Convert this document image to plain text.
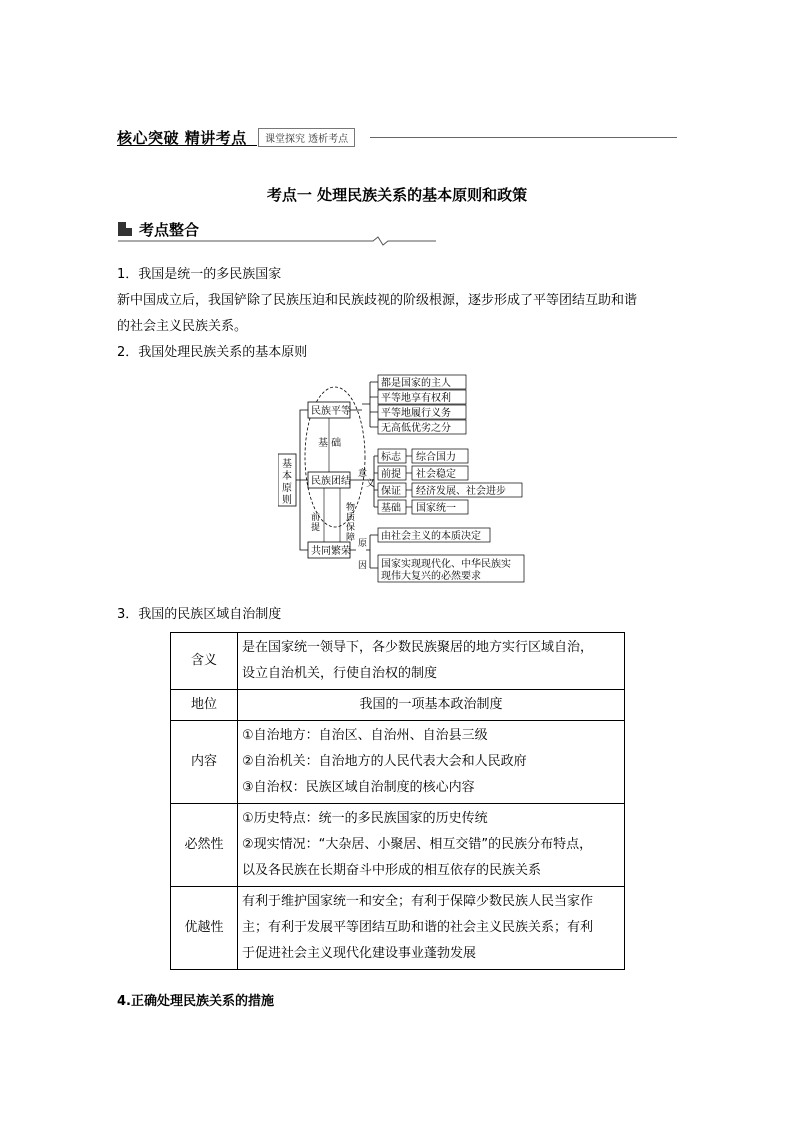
核心突破 精讲考点	课堂探究 透析考点
考点一 处理民族关系的基本原则和政策
考点整合
1．我国是统一的多民族国家
新中国成立后，我国铲除了民族压迫和民族歧视的阶级根源，逐步形成了平等团结互助和谐
的社会主义民族关系。
2．我国处理民族关系的基本原则
基 本 原 则
民族平等
民族团结
共同繁荣
基 础
前 提
物 质 保 障
都是国家的主人
平等地享有权利
平等地履行义务
无高低优劣之分
意 义
标志 综合国力
前提 社会稳定
保证 经济发展、社会进步
基础 国家统一
原 因
由社会主义的本质决定
国家实现现代化、中华民族实
现伟大复兴的必然要求
3．我国的民族区域自治制度
含义	是在国家统一领导下，各少数民族聚居的地方实行区域自治，
设立自治机关，行使自治权的制度

地位	我国的一项基本政治制度
内容	①自治地方：自治区、自治州、自治县三级
②自治机关：自治地方的人民代表大会和人民政府
③自治权：民族区域自治制度的核心内容

必然性	①历史特点：统一的多民族国家的历史传统
②现实情况：“大杂居、小聚居、相互交错”的民族分布特点，
以及各民族在长期奋斗中形成的相互依存的民族关系

优越性	有利于维护国家统一和安全；有利于保障少数民族人民当家作
主；有利于发展平等团结互助和谐的社会主义民族关系；有利
于促进社会主义现代化建设事业蓬勃发展
4.正确处理民族关系的措施
